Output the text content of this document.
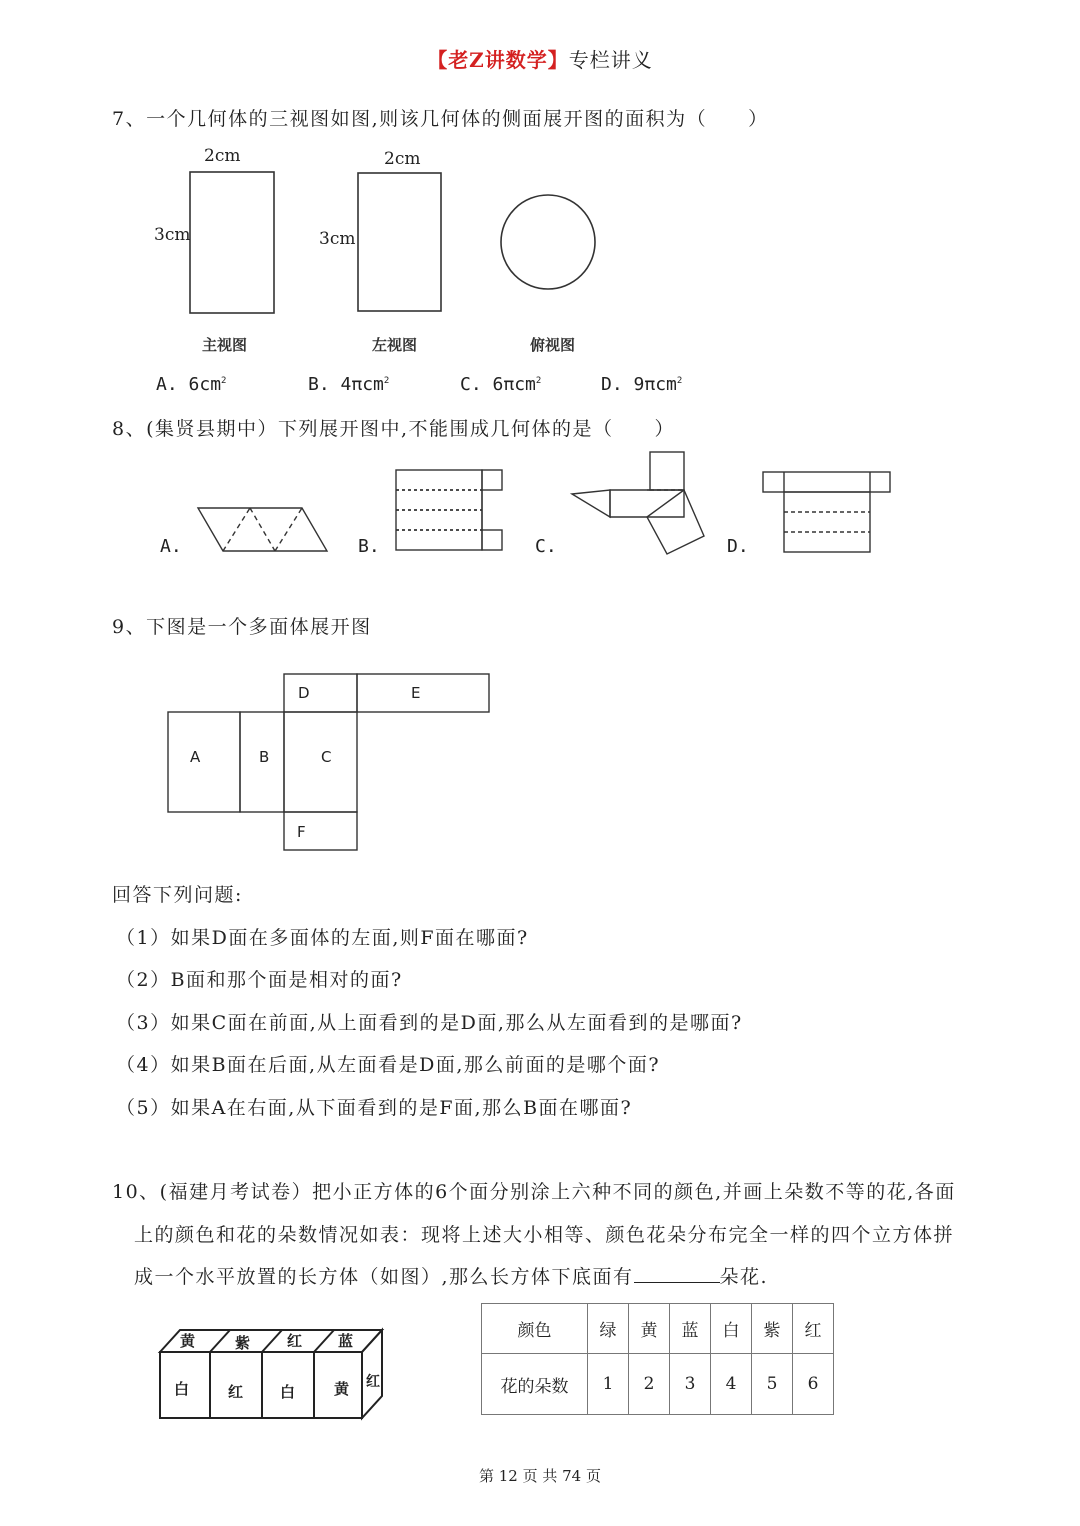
【老Z讲数学】专栏讲义
7、一个几何体的三视图如图,则该几何体的侧面展开图的面积为（　　）
2cm
3cm
2cm
3cm
主视图	左视图	俯视图
A. $6cm^2$	B. 4πcm$^2$	C. 6πcm$^2$	D. 9πcm$^2$
8、(集贤县期中）下列展开图中,不能围成几何体的是（　　）
A.	B.	C.	D.
9、下图是一个多面体展开图
D	E
A	B	C
F
回答下列问题:
（1）如果D面在多面体的左面,则F面在哪面?
（2）B面和那个面是相对的面?
（3）如果C面在前面,从上面看到的是D面,那么从左面看到的是哪面?
（4）如果B面在后面,从左面看是D面,那么前面的是哪个面?
（5）如果A在右面,从下面看到的是F面,那么B面在哪面?
10、(福建月考试卷）把小正方体的6个面分别涂上六种不同的颜色,并画上朵数不等的花,各面
上的颜色和花的朵数情况如表：现将上述大小相等、颜色花朵分布完全一样的四个立方体拼
成一个水平放置的长方体（如图）,那么长方体下底面有	朵花.
黄	紫 红 蓝
白	红 白	黄 红
颜色	绿	黄	蓝	白	紫	红
花的朵数	1	2	3	4	5	6
第 12 页 共 74 页
